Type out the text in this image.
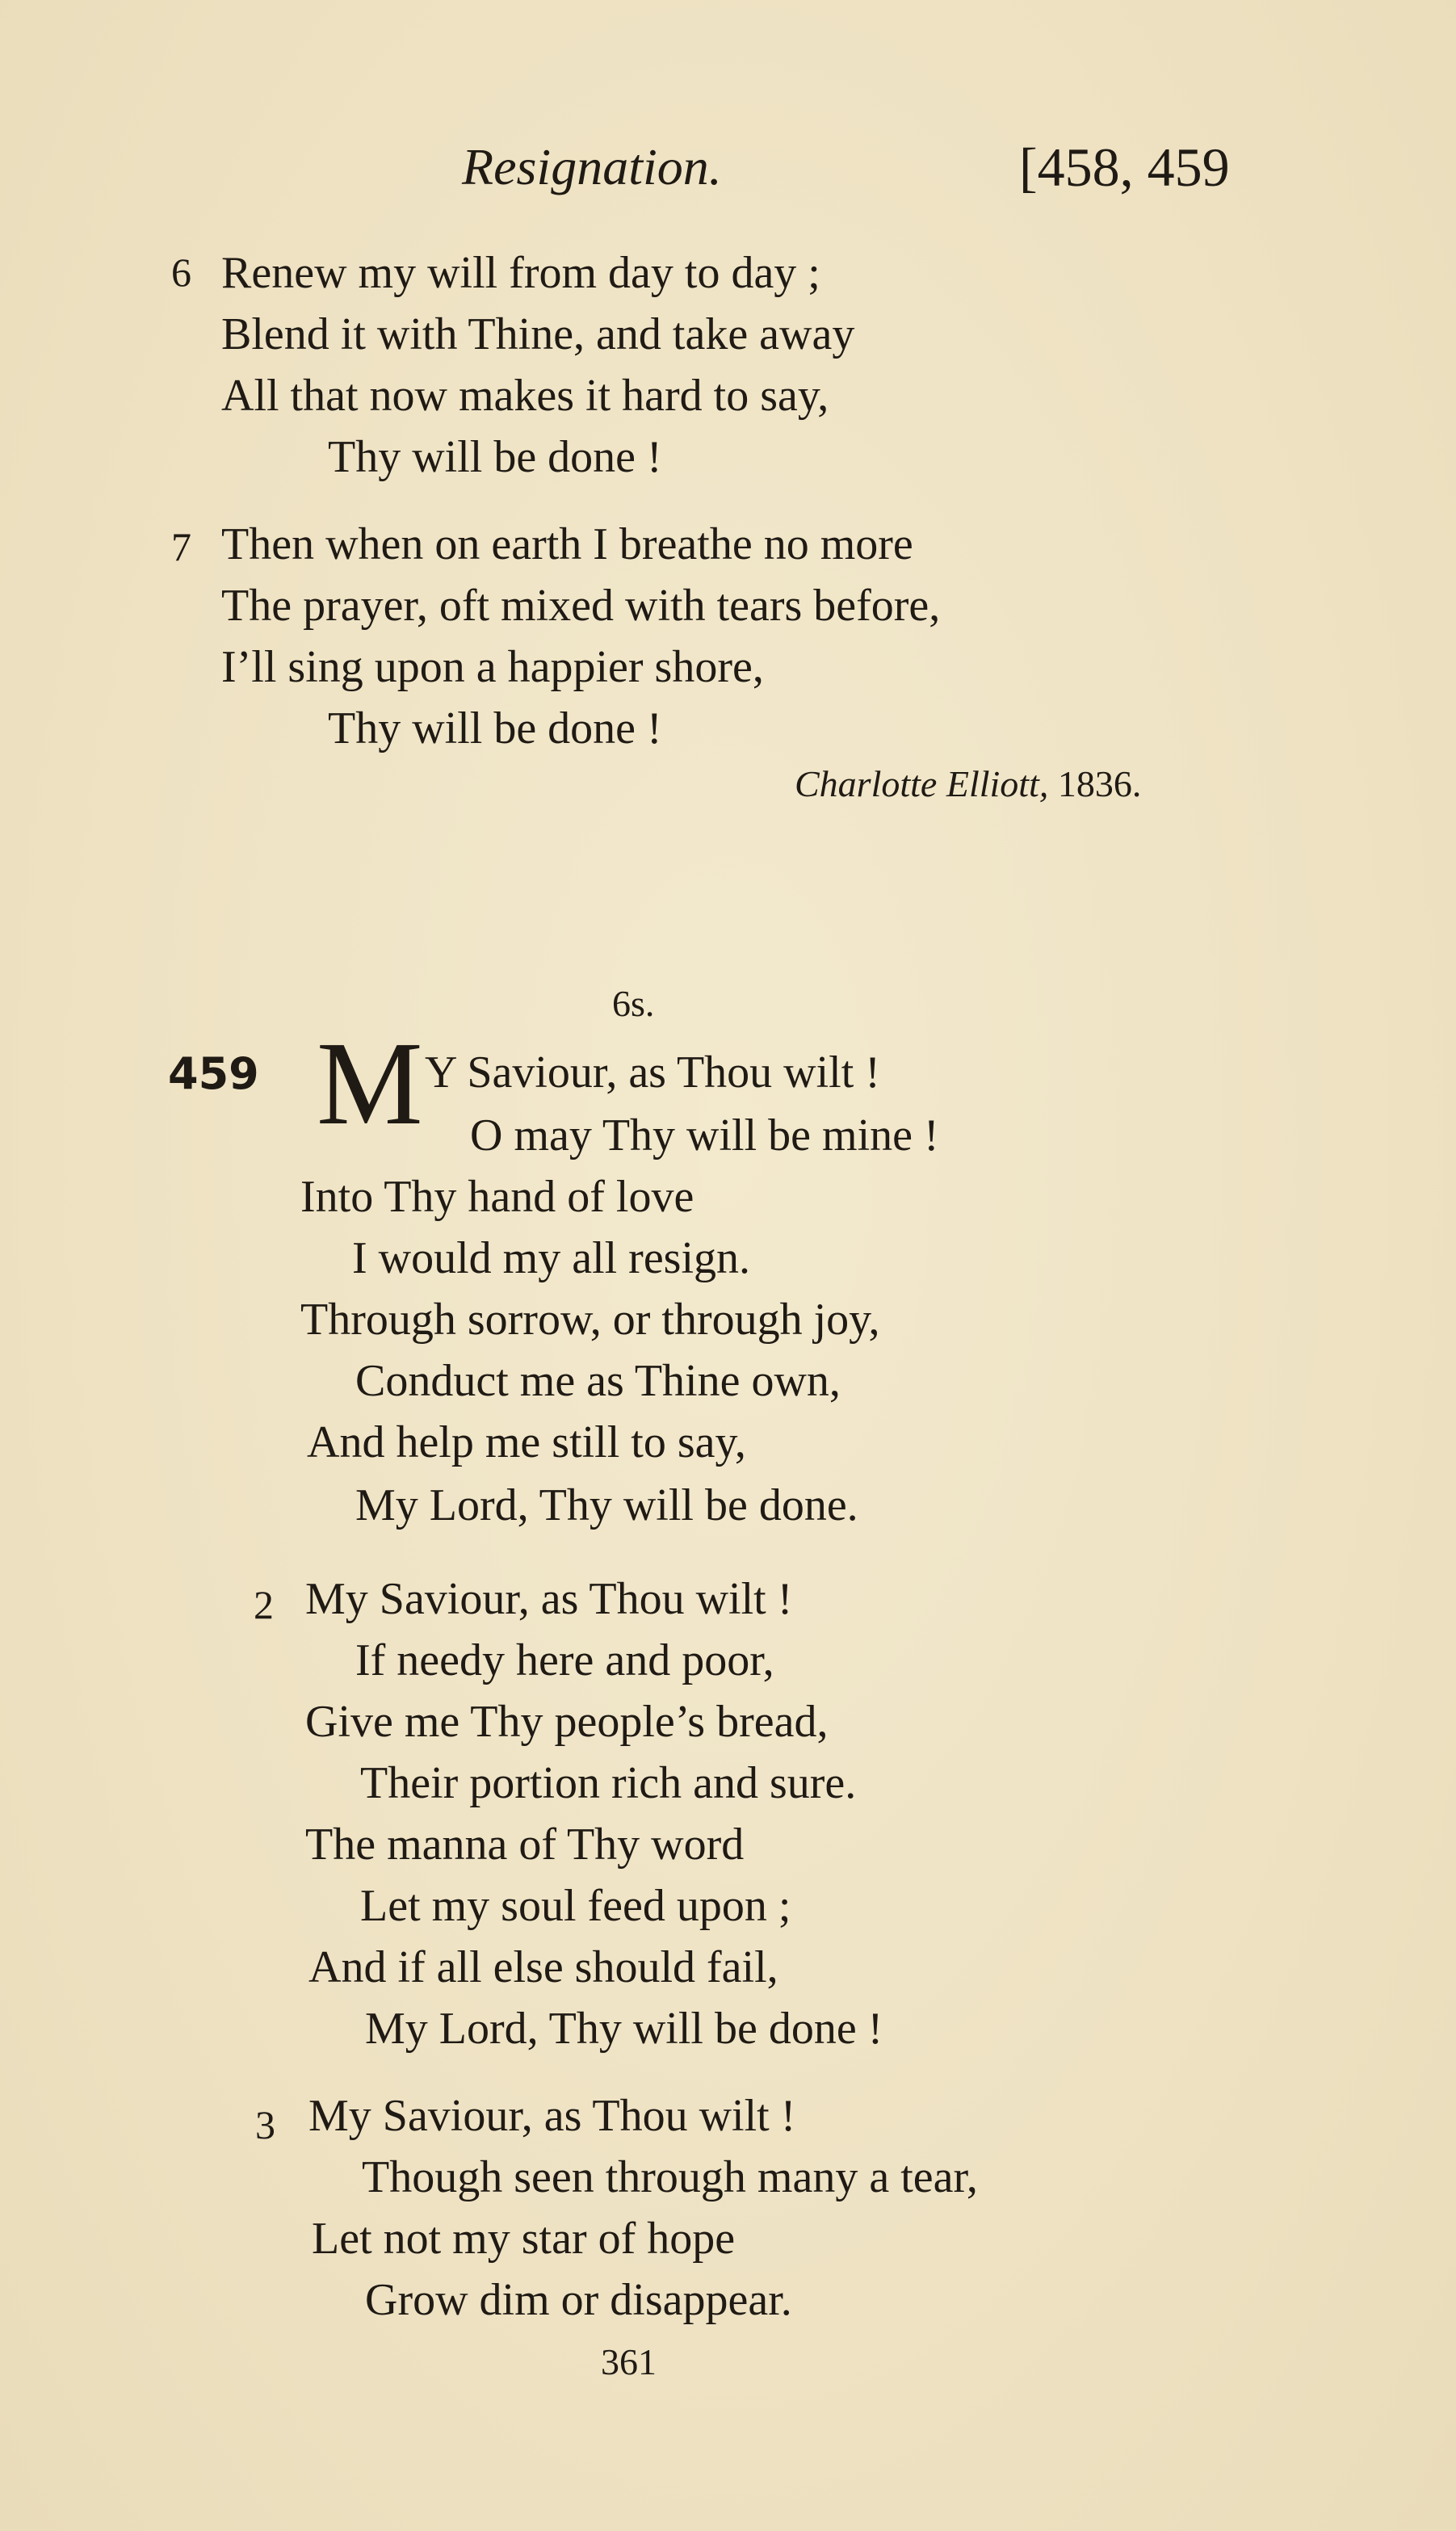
Resignation.	[458, 459
6 Renew my will from day to day ;
Blend it with Thine, and take away
All that now makes it hard to say,
Thy will be done !
7 Then when on earth I breathe no more
The prayer, oft mixed with tears before,
I’ll sing upon a happier shore,
Thy will be done !
Charlotte Elliott, 1836.
6s.
459 M Y Saviour, as Thou wilt !
O may Thy will be mine !
Into Thy hand of love
I would my all resign.
Through sorrow, or through joy,
Conduct me as Thine own,
And help me still to say,
My Lord, Thy will be done.
2 My Saviour, as Thou wilt !
If needy here and poor,
Give me Thy people’s bread,
Their portion rich and sure.
The manna of Thy word
Let my soul feed upon ;
And if all else should fail,
My Lord, Thy will be done !
3 My Saviour, as Thou wilt !
Though seen through many a tear,
Let not my star of hope
Grow dim or disappear.
361
